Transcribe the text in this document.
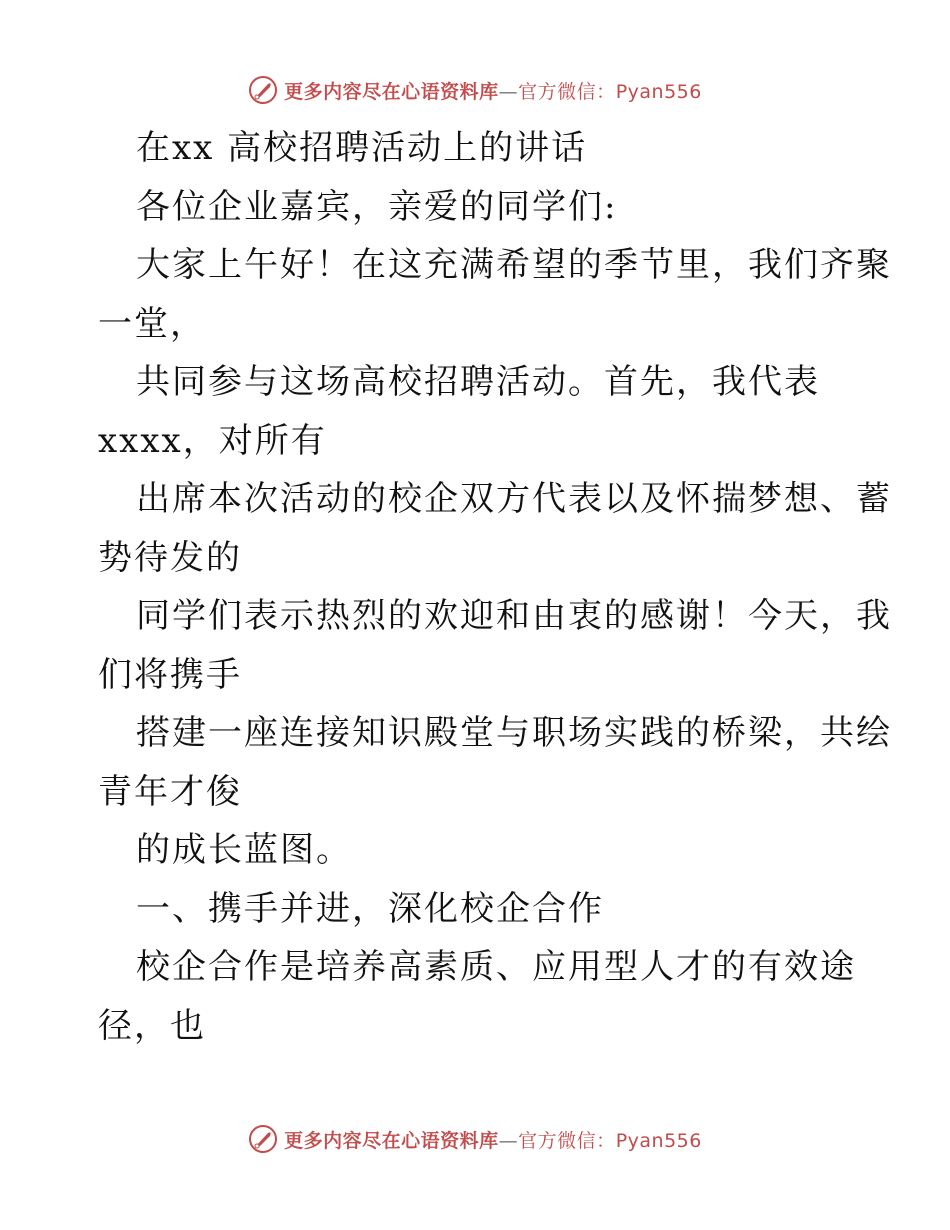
更多内容尽在心语资料库—官方微信：Pyan556
在xx 高校招聘活动上的讲话
各位企业嘉宾，亲爱的同学们:
大家上午好！在这充满希望的季节里，我们齐聚
一堂，
共同参与这场高校招聘活动。首先，我代表
xxxx，对所有
出席本次活动的校企双方代表以及怀揣梦想、蓄
势待发的
同学们表示热烈的欢迎和由衷的感谢！今天，我
们将携手
搭建一座连接知识殿堂与职场实践的桥梁，共绘
青年才俊
的成长蓝图。
一、携手并进，深化校企合作
校企合作是培养高素质、应用型人才的有效途
径，也
更多内容尽在心语资料库—官方微信：Pyan556
